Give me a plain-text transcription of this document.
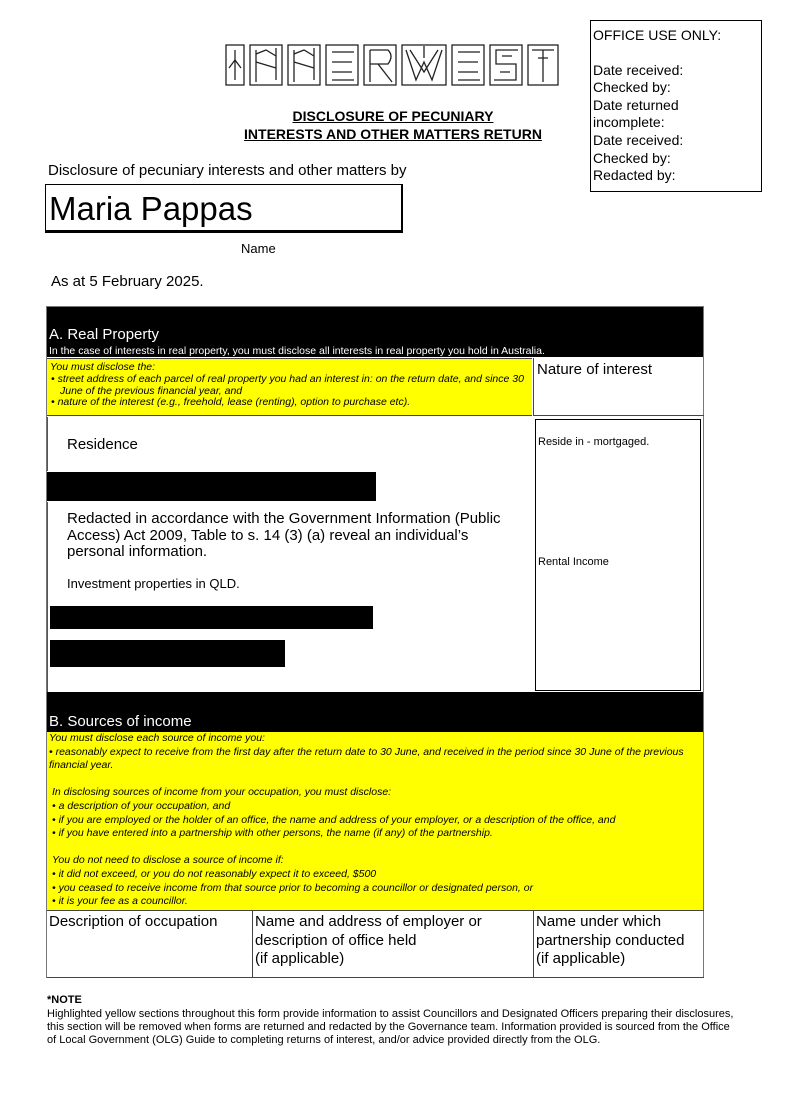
OFFICE USE ONLY:
Date received:
Checked by:
Date returned incomplete:
Date received:
Checked by:
Redacted by:
DISCLOSURE OF PECUNIARY
INTERESTS AND OTHER MATTERS RETURN
Disclosure of pecuniary interests and other matters by
Maria Pappas
Name
As at 5 February 2025.
A. Real Property
In the case of interests in real property, you must disclose all interests in real property you hold in Australia.
You must disclose the:
• street address of each parcel of real property you had an interest in: on the return date, and since 30 June of the previous financial year, and
• nature of the interest (e.g., freehold, lease (renting), option to purchase etc).
Nature of interest
Residence	Reside in - mortgaged.
Redacted in accordance with the Government Information (Public Access) Act 2009, Table to s. 14 (3) (a) reveal an individual’s personal information.
Investment properties in QLD.
Rental Income
B. Sources of income

You must disclose each source of income you:

• reasonably expect to receive from the first day after the return date to 30 June, and received in the period since 30 June of the previous financial year.

In disclosing sources of income from your occupation, you must disclose:

• a description of your occupation, and

• if you are employed or the holder of an office, the name and address of your employer, or a description of the office, and

• if you have entered into a partnership with other persons, the name (if any) of the partnership.

You do not need to disclose a source of income if:

• it did not exceed, or you do not reasonably expect it to exceed, $500

• you ceased to receive income from that source prior to becoming a councillor or designated person, or

• it is your fee as a councillor.

Description of occupation	Name and address of employer or
description of office held
(if applicable)
Name under which
partnership conducted
(if applicable)
*NOTE
Highlighted yellow sections throughout this form provide information to assist Councillors and Designated Officers preparing their disclosures, this section will be removed when forms are returned and redacted by the Governance team. Information provided is sourced from the Office of Local Government (OLG) Guide to completing returns of interest, and/or advice provided directly from the OLG.
